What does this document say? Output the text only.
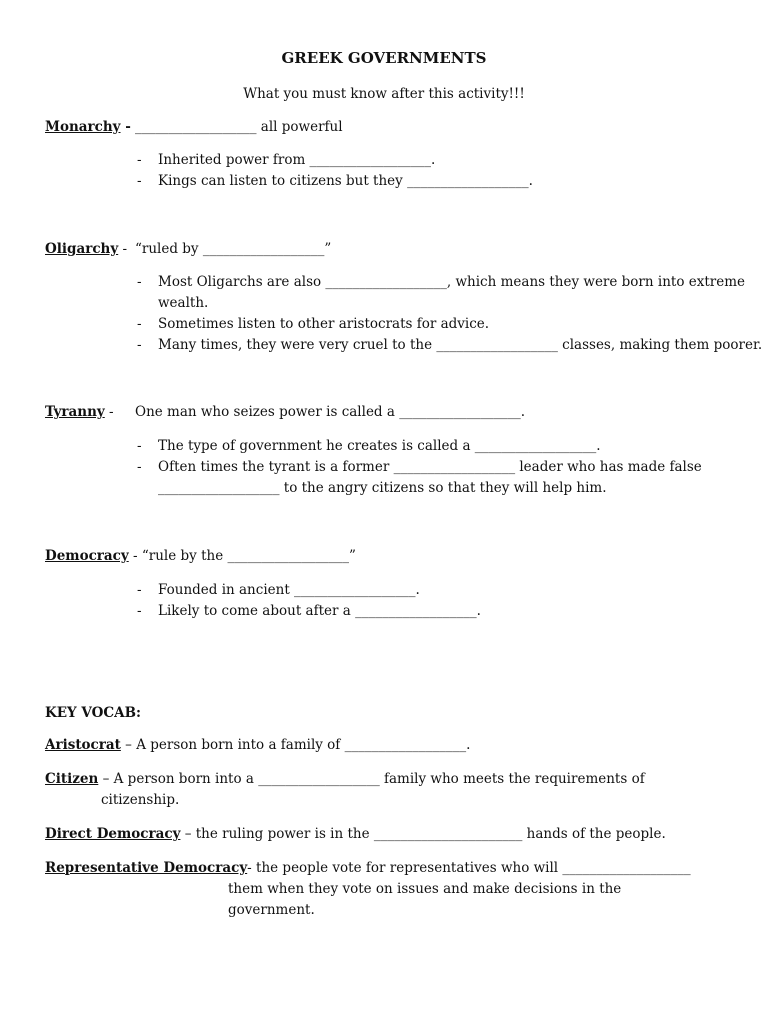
GREEK GOVERNMENTS
What you must know after this activity!!!
Monarchy - __________________ all powerful
- Inherited power from __________________.
- Kings can listen to citizens but they __________________.
Oligarchy - “ruled by __________________”
- Most Oligarchs are also __________________, which means they were born into extreme
wealth.
- Sometimes listen to other aristocrats for advice.
- Many times, they were very cruel to the __________________ classes, making them poorer.
Tyranny - One man who seizes power is called a __________________.
- The type of government he creates is called a __________________.
- Often times the tyrant is a former __________________ leader who has made false
__________________ to the angry citizens so that they will help him.
Democracy - “rule by the __________________”
- Founded in ancient __________________.
- Likely to come about after a __________________.
KEY VOCAB:
Aristocrat – A person born into a family of __________________.
Citizen – A person born into a __________________ family who meets the requirements of
citizenship.
Direct Democracy – the ruling power is in the ______________________ hands of the people.
Representative Democracy- the people vote for representatives who will ___________________
them when they vote on issues and make decisions in the
government.
